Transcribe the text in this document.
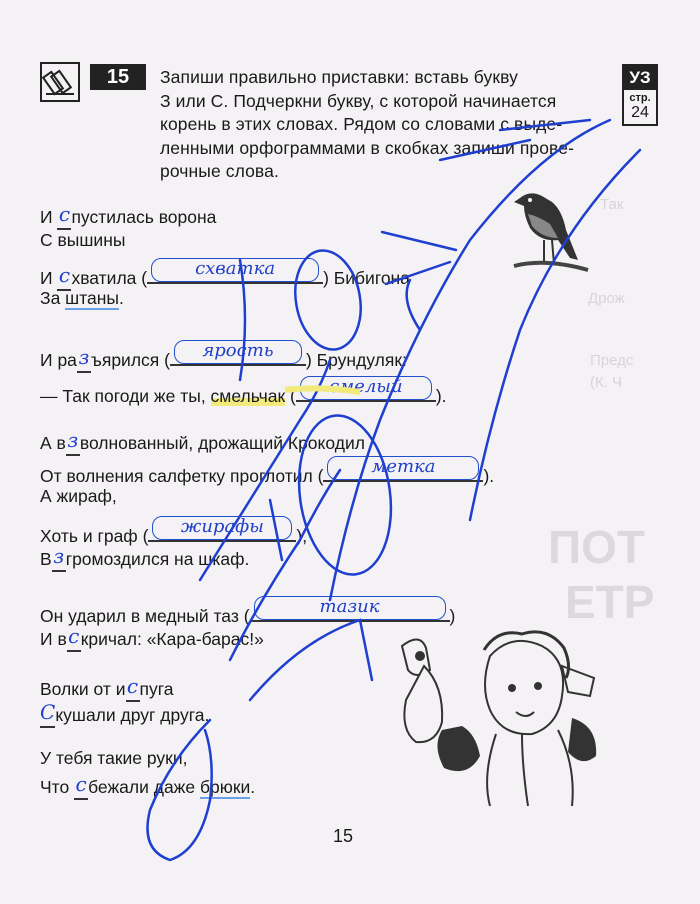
Так
Дрож
Предс
(К. Ч
ПОТ
ЕТР
15	Запиши правильно приставки: вставь букву
З или С. Подчеркни букву, с которой начинается
корень в этих словах. Рядом со словами с выде-
ленными орфограммами в скобках запиши прове-
рочные слова.
УЗ
стр.
24
И спустилась ворона
С вышины
И схватила (	схватка	) Бибигона
За штаны.
И разъярился (	ярость	) Брундуляк:
— Так погоди же ты, смельчак (	смелый	).
А взволнованный, дрожащий Крокодил
От волнения салфетку проглотил (	метка	).
А жираф,
Хоть и граф (	жирафы	),
Взгромоздился на шкаф.
Он ударил в медный таз (	тазик	)
И вскричал: «Кара-барас!»
Волки от испуга
Скушали друг друга.
У тебя такие руки,
Что сбежали даже брюки.
15
